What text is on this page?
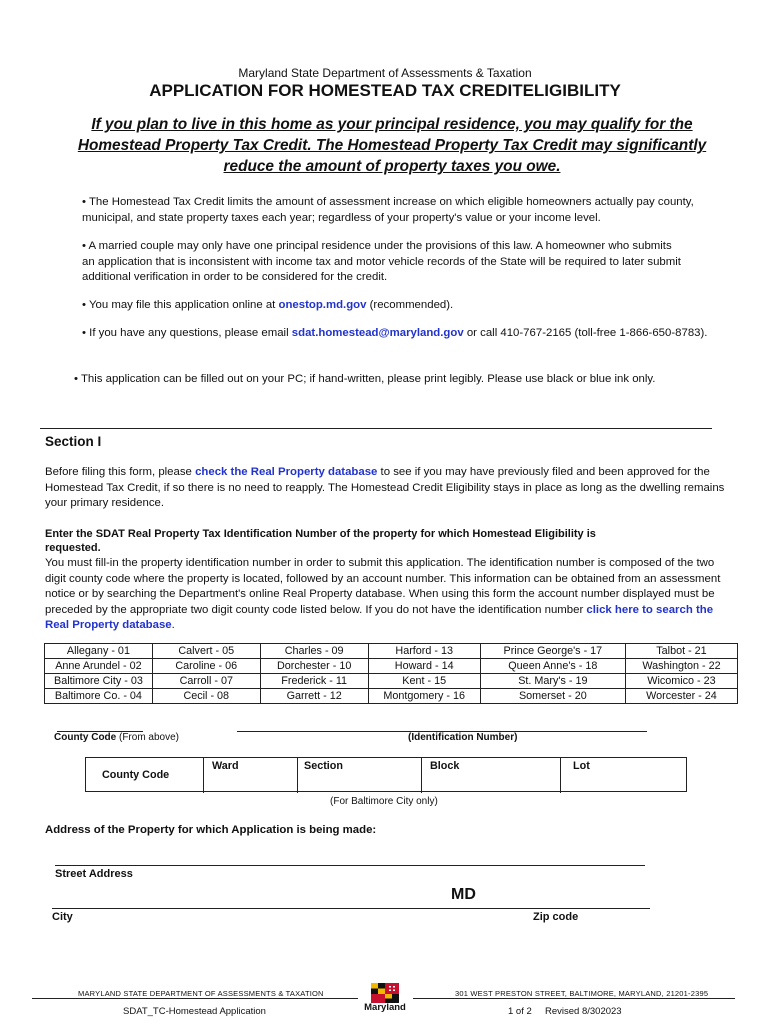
Maryland State Department of Assessments & Taxation
APPLICATION FOR HOMESTEAD TAX CREDITELIGIBILITY
If you plan to live in this home as your principal residence, you may qualify for the Homestead Property Tax Credit. The Homestead Property Tax Credit may significantly reduce the amount of property taxes you owe.
• The Homestead Tax Credit limits the amount of assessment increase on which eligible homeowners actually pay county, municipal, and state property taxes each year; regardless of your property's value or your income level.
• A married couple may only have one principal residence under the provisions of this law. A homeowner who submits an application that is inconsistent with income tax and motor vehicle records of the State will be required to later submit additional verification in order to be considered for the credit.
• You may file this application online at onestop.md.gov (recommended).
• If you have any questions, please email sdat.homestead@maryland.gov or call 410-767-2165 (toll-free 1-866-650-8783).
• This application can be filled out on your PC; if hand-written, please print legibly. Please use black or blue ink only.
Section I
Before filing this form, please check the Real Property database to see if you may have previously filed and been approved for the Homestead Tax Credit, if so there is no need to reapply. The Homestead Credit Eligibility stays in place as long as the dwelling remains your primary residence.
Enter the SDAT Real Property Tax Identification Number of the property for which Homestead Eligibility is requested.
You must fill-in the property identification number in order to submit this application. The identification number is composed of the two digit county code where the property is located, followed by an account number. This information can be obtained from an assessment notice or by searching the Department's online Real Property database. When using this form the account number displayed must be preceded by the appropriate two digit county code listed below. If you do not have the identification number click here to search the Real Property database.
Allegany - 01	Calvert - 05	Charles - 09	Harford - 13	Prince George's - 17	Talbot - 21
Anne Arundel - 02	Caroline - 06	Dorchester - 10	Howard - 14	Queen Anne's - 18	Washington - 22
Baltimore City - 03	Carroll - 07	Frederick - 11	Kent - 15	St. Mary's - 19	Wicomico - 23
Baltimore Co. - 04	Cecil - 08	Garrett - 12	Montgomery - 16	Somerset - 20	Worcester - 24
County Code (From above)	(Identification Number)
County Code
Ward	Section	Block	Lot
(For Baltimore City only)
Address of the Property for which Application is being made:
Street Address
MD
City	Zip code
MARYLAND STATE DEPARTMENT OF ASSESSMENTS & TAXATION	301 WEST PRESTON STREET, BALTIMORE, MARYLAND, 21201-2395
Maryland
SDAT_TC-Homestead Application	1 of 2 Revised 8/302023
